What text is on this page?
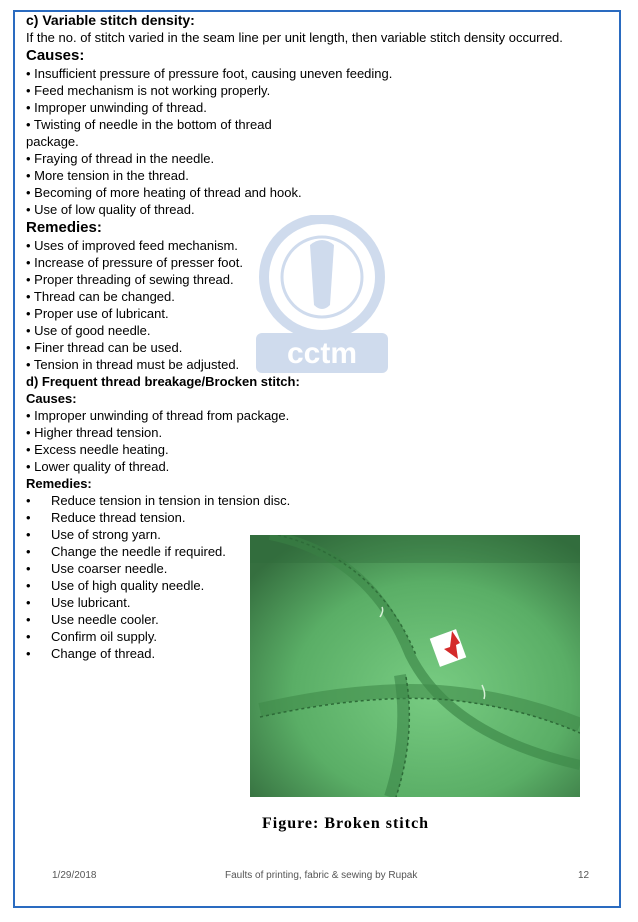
cctm
c) Variable stitch density:
If the no. of stitch varied in the seam line per unit length, then variable stitch density occurred.
Causes:
• Insufficient pressure of pressure foot, causing uneven feeding.
• Feed mechanism is not working properly.
• Improper unwinding of thread.
• Twisting of needle in the bottom of thread
package.
• Fraying of thread in the needle.
• More tension in the thread.
• Becoming of more heating of thread and hook.
• Use of low quality of thread.
Remedies:
• Uses of improved feed mechanism.
• Increase of pressure of presser foot.
• Proper threading of sewing thread.
• Thread can be changed.
• Proper use of lubricant.
• Use of good needle.
• Finer thread can be used.
• Tension in thread must be adjusted.
d) Frequent thread breakage/Brocken stitch:
Causes:
• Improper unwinding of thread from package.
• Higher thread tension.
• Excess needle heating.
• Lower quality of thread.
Remedies:
•	Reduce tension in tension in tension disc.
•	Reduce thread tension.
•	Use of strong yarn.
•	Change the needle if required.
•	Use coarser needle.
•	Use of high quality needle.
•	Use lubricant.
•	Use needle cooler.
•	Confirm oil supply.
•	Change of thread.
Figure: Broken stitch
1/29/2018	Faults of printing, fabric & sewing by Rupak	12
